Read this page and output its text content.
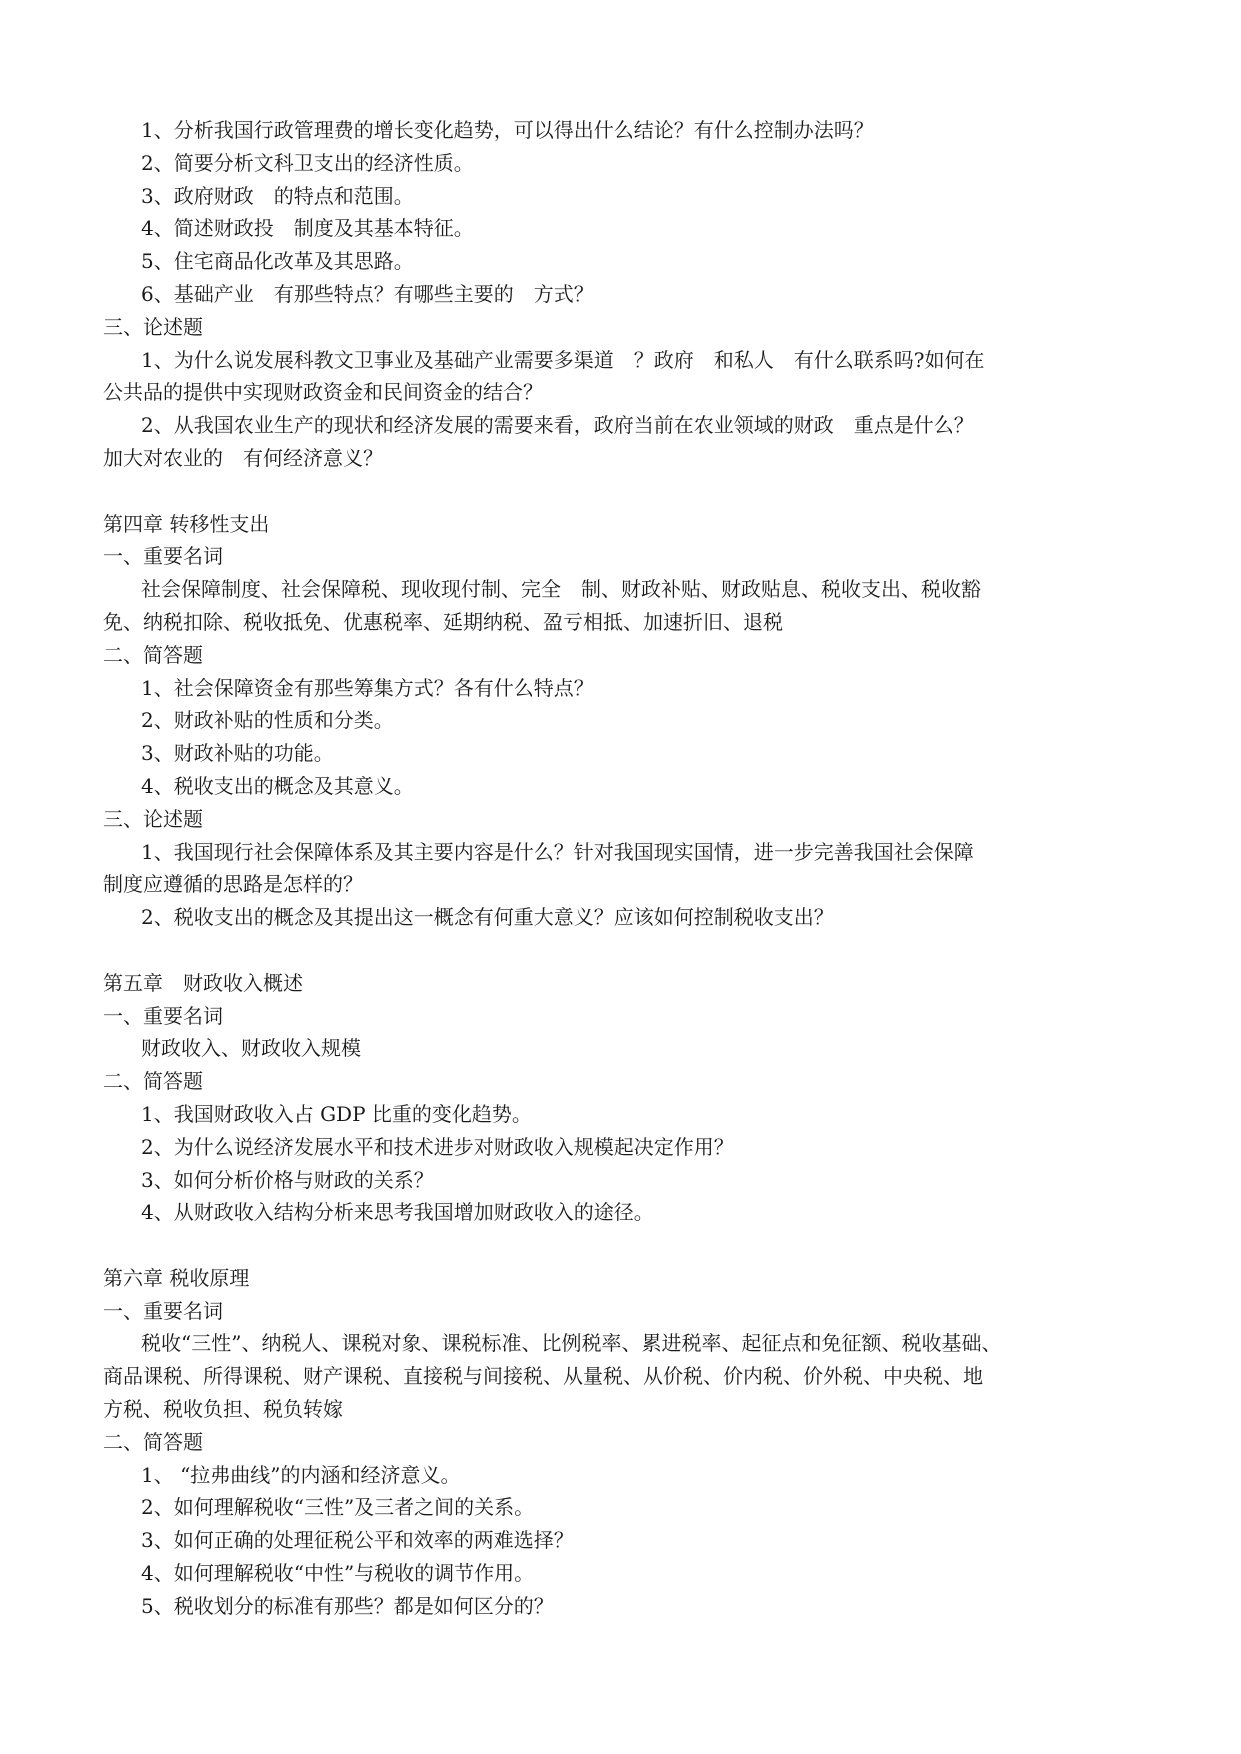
1、分析我国行政管理费的增长变化趋势，可以得出什么结论？有什么控制办法吗？
2、简要分析文科卫支出的经济性质。
3、政府财政　的特点和范围。
4、简述财政投　制度及其基本特征。
5、住宅商品化改革及其思路。
6、基础产业　有那些特点？有哪些主要的　方式？
三、论述题
1、为什么说发展科教文卫事业及基础产业需要多渠道　？政府　和私人　有什么联系吗?如何在
公共品的提供中实现财政资金和民间资金的结合？
2、从我国农业生产的现状和经济发展的需要来看，政府当前在农业领域的财政　重点是什么？
加大对农业的　有何经济意义？
第四章 转移性支出
一、重要名词
社会保障制度、社会保障税、现收现付制、完全　制、财政补贴、财政贴息、税收支出、税收豁
免、纳税扣除、税收抵免、优惠税率、延期纳税、盈亏相抵、加速折旧、退税
二、简答题
1、社会保障资金有那些筹集方式？各有什么特点？
2、财政补贴的性质和分类。
3、财政补贴的功能。
4、税收支出的概念及其意义。
三、论述题
1、我国现行社会保障体系及其主要内容是什么？针对我国现实国情，进一步完善我国社会保障
制度应遵循的思路是怎样的？
2、税收支出的概念及其提出这一概念有何重大意义？应该如何控制税收支出？
第五章　财政收入概述
一、重要名词
财政收入、财政收入规模
二、简答题
1、我国财政收入占 GDP 比重的变化趋势。
2、为什么说经济发展水平和技术进步对财政收入规模起决定作用？
3、如何分析价格与财政的关系？
4、从财政收入结构分析来思考我国增加财政收入的途径。
第六章 税收原理
一、重要名词
税收“三性”、纳税人、课税对象、课税标准、比例税率、累进税率、起征点和免征额、税收基础、
商品课税、所得课税、财产课税、直接税与间接税、从量税、从价税、价内税、价外税、中央税、地
方税、税收负担、税负转嫁
二、简答题
1、 “拉弗曲线”的内涵和经济意义。
2、如何理解税收“三性”及三者之间的关系。
3、如何正确的处理征税公平和效率的两难选择？
4、如何理解税收“中性”与税收的调节作用。
5、税收划分的标准有那些？都是如何区分的？
